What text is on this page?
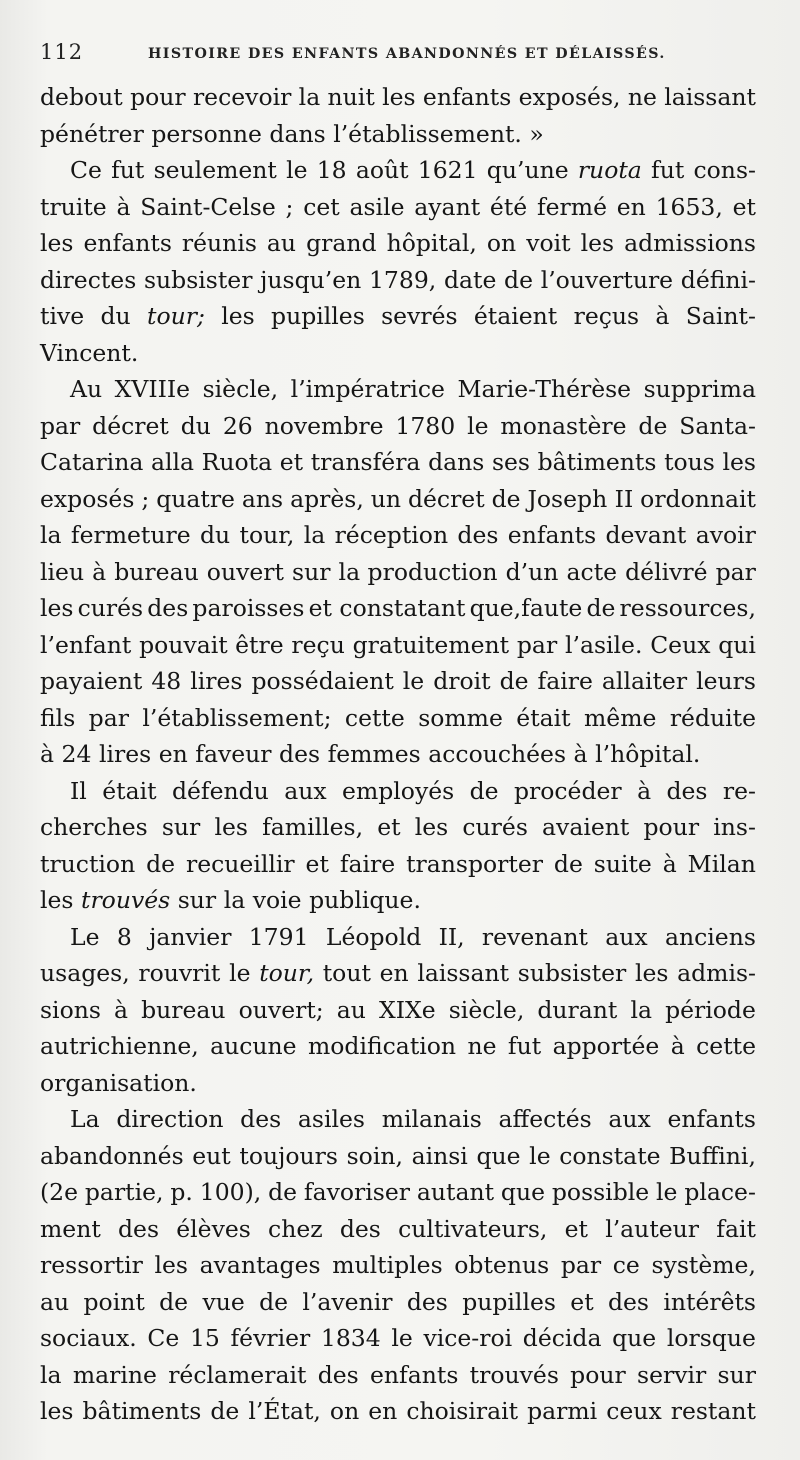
112	HISTOIRE DES ENFANTS ABANDONNÉS ET DÉLAISSÉS.
debout pour recevoir la nuit les enfants exposés, ne laissant
pénétrer personne dans l’établissement. »
Ce fut seulement le 18 août 1621 qu’une ruota fut cons-
truite à Saint-Celse ; cet asile ayant été fermé en 1653, et
les enfants réunis au grand hôpital, on voit les admissions
directes subsister jusqu’en 1789, date de l’ouverture défini-
tive du tour; les pupilles sevrés étaient reçus à Saint-
Vincent.
Au XVIIIe siècle, l’impératrice Marie-Thérèse supprima
par décret du 26 novembre 1780 le monastère de Santa-
Catarina alla Ruota et transféra dans ses bâtiments tous les
exposés ; quatre ans après, un décret de Joseph II ordonnait
la fermeture du tour, la réception des enfants devant avoir
lieu à bureau ouvert sur la production d’un acte délivré par
les curés des paroisses et constatant que,faute de ressources,
l’enfant pouvait être reçu gratuitement par l’asile. Ceux qui
payaient 48 lires possédaient le droit de faire allaiter leurs
fils par l’établissement; cette somme était même réduite
à 24 lires en faveur des femmes accouchées à l’hôpital.
Il était défendu aux employés de procéder à des re-
cherches sur les familles, et les curés avaient pour ins-
truction de recueillir et faire transporter de suite à Milan
les trouvés sur la voie publique.
Le 8 janvier 1791 Léopold II, revenant aux anciens
usages, rouvrit le tour, tout en laissant subsister les admis-
sions à bureau ouvert; au XIXe siècle, durant la période
autrichienne, aucune modification ne fut apportée à cette
organisation.
La direction des asiles milanais affectés aux enfants
abandonnés eut toujours soin, ainsi que le constate Buffini,
(2e partie, p. 100), de favoriser autant que possible le place-
ment des élèves chez des cultivateurs, et l’auteur fait
ressortir les avantages multiples obtenus par ce système,
au point de vue de l’avenir des pupilles et des intérêts
sociaux. Ce 15 février 1834 le vice-roi décida que lorsque
la marine réclamerait des enfants trouvés pour servir sur
les bâtiments de l’État, on en choisirait parmi ceux restant
